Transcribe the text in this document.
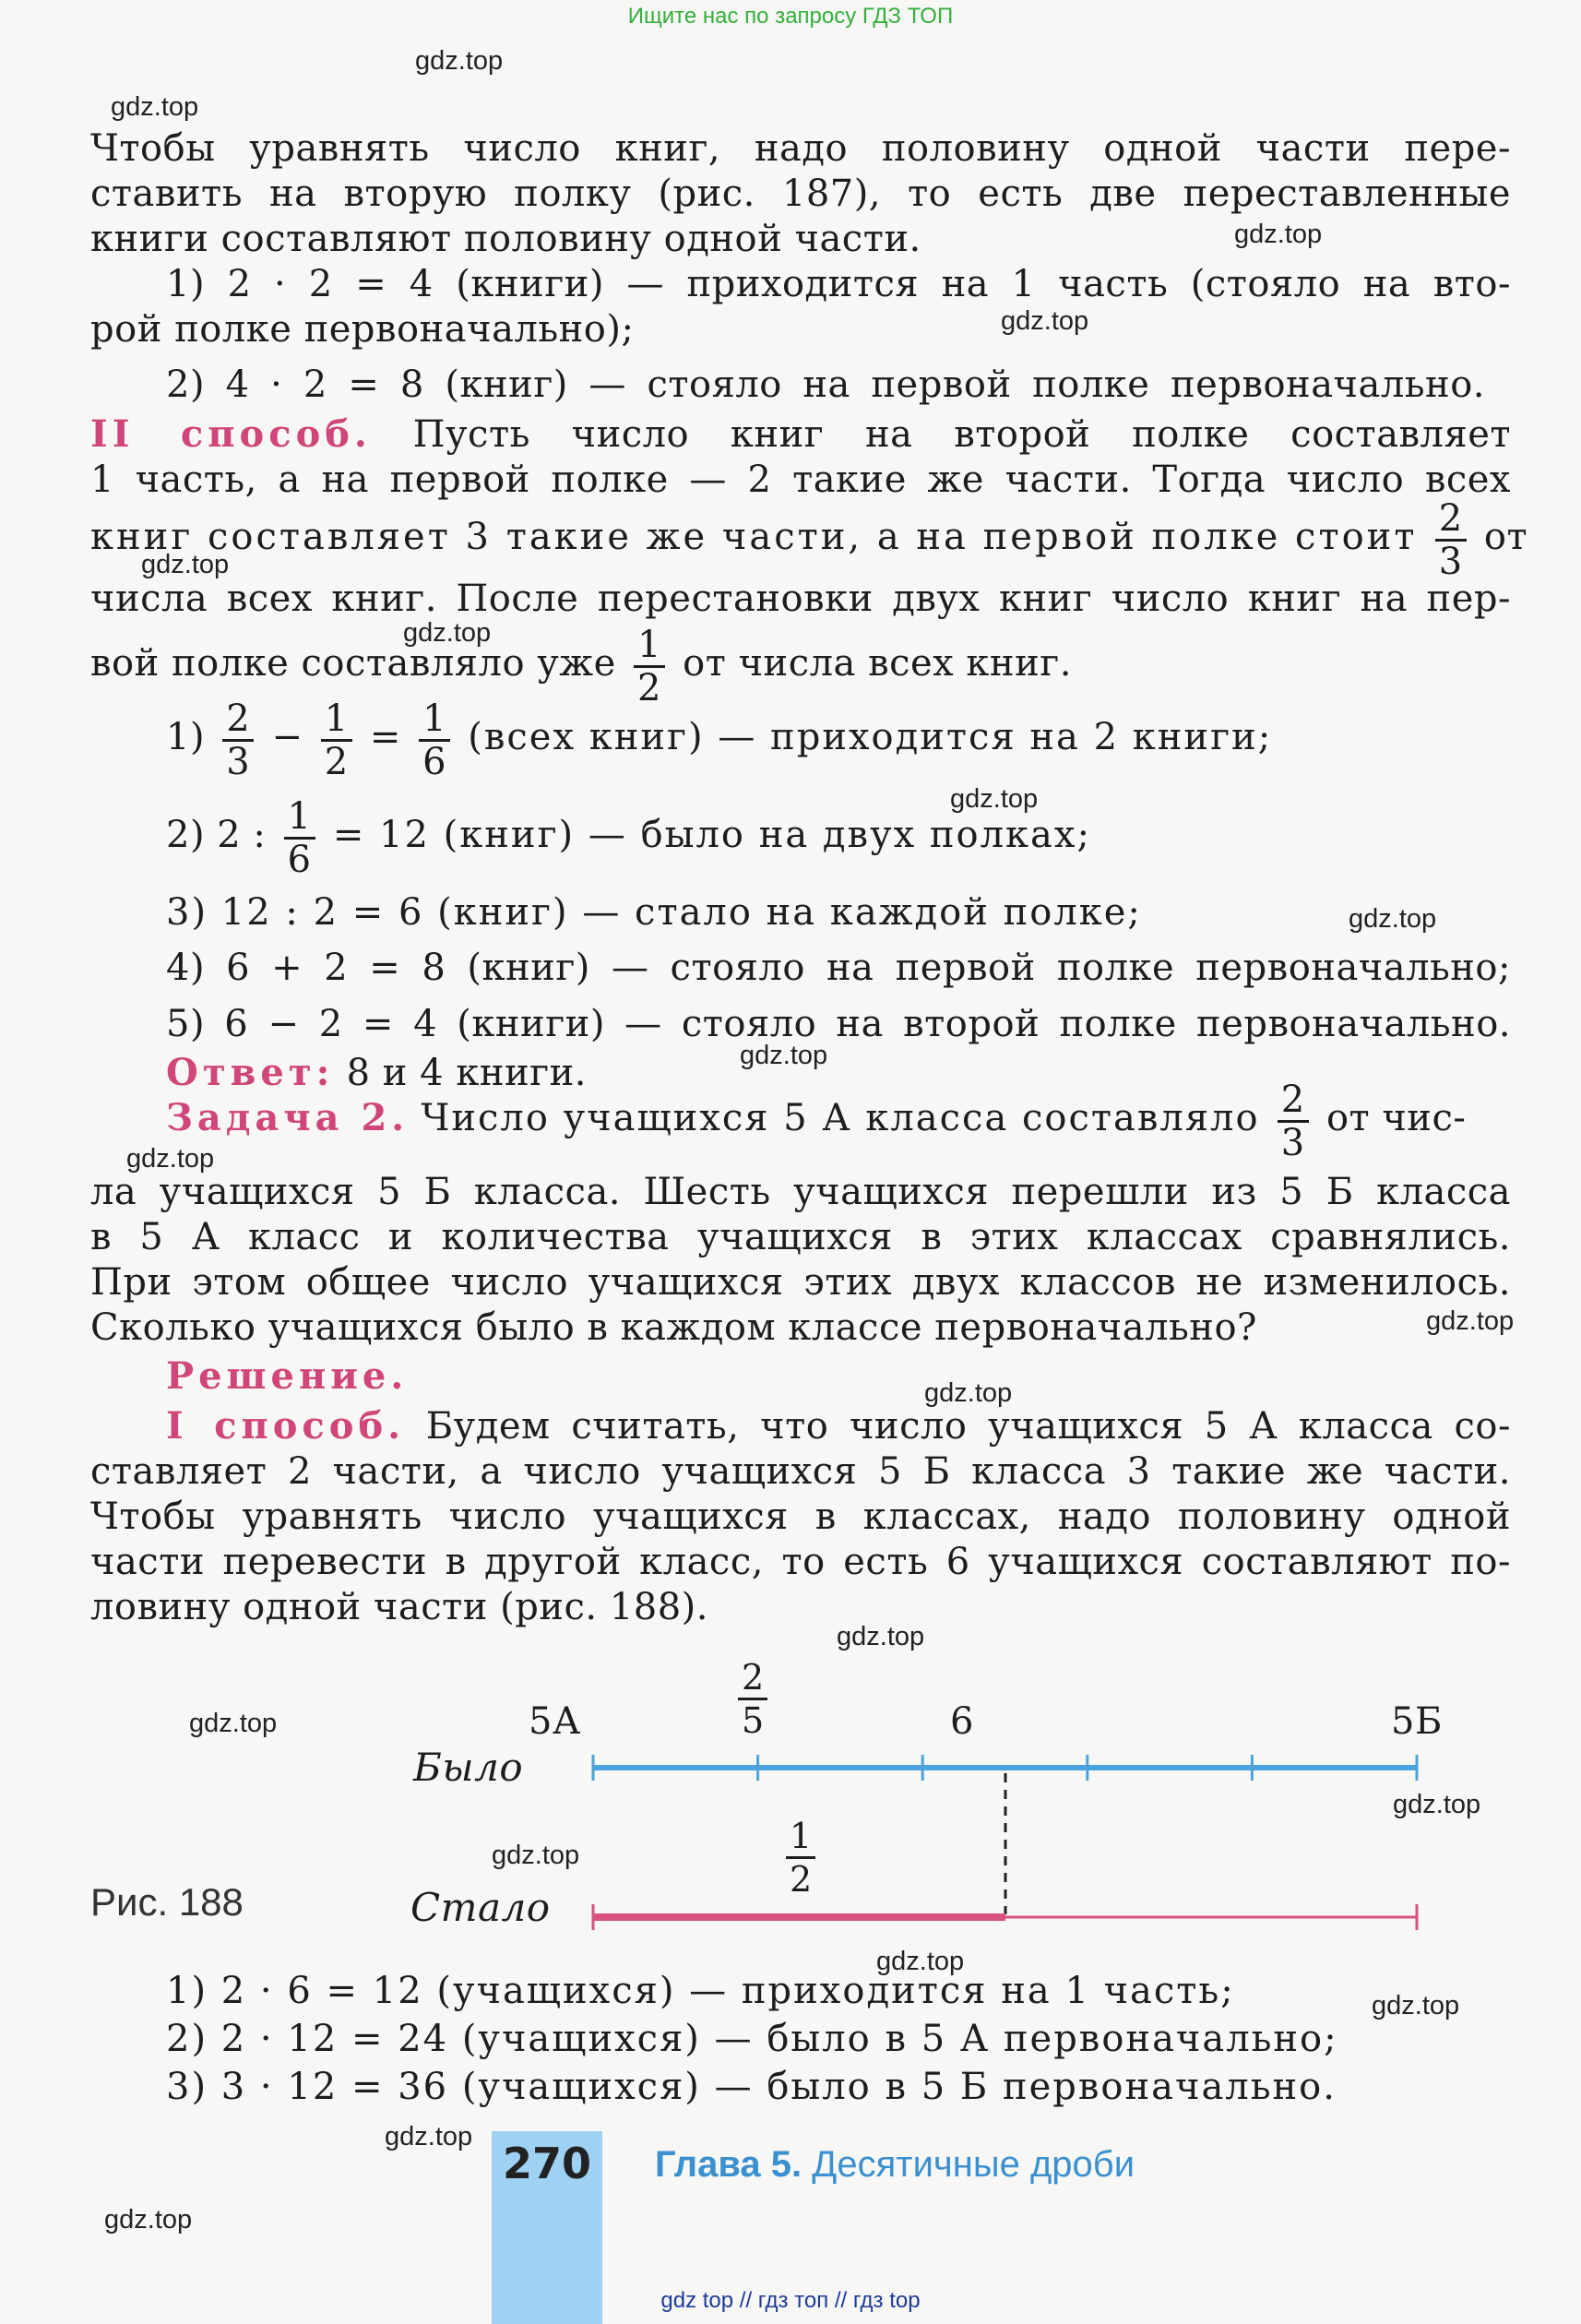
Ищите нас по запросу ГДЗ ТОП
Чтобы уравнять число книг, надо половину одной части пере-
ставить на вторую полку (рис. 187), то есть две переставленные
книги составляют половину одной части.
1) 2 · 2 = 4 (книги) — приходится на 1 часть (стояло на вто-
рой полке первоначально);
2) 4 · 2 = 8 (книг) — стояло на первой полке первоначально.
II способ. Пусть число книг на второй полке составляет
1 часть, а на первой полке — 2 такие же части. Тогда число всех
книг составляет 3 такие же части, а на первой полке стоит $\frac{2}{3}$ от
числа всех книг. После перестановки двух книг число книг на пер-
вой полке составляло уже $\frac{1}{2}$ от числа всех книг.
$1) \frac{2}{3} - \frac{1}{2} = \frac{1}{6}$ (всех книг) — приходится на 2 книги;
2) 2 : $\frac{1}{6} = 12$ (книг) — было на двух полках;
3) 12 : 2 = 6 (книг) — стало на каждой полке;
4) 6 + 2 = 8 (книг) — стояло на первой полке первоначально;
5) 6 − 2 = 4 (книги) — стояло на второй полке первоначально.
Ответ: 8 и 4 книги.
Задача 2. Число учащихся 5 А класса составляло $\frac{2}{3}$ от чис-
ла учащихся 5 Б класса. Шесть учащихся перешли из 5 Б класса
в 5 А класс и количества учащихся в этих классах сравнялись.
При этом общее число учащихся этих двух классов не изменилось.
Сколько учащихся было в каждом классе первоначально?
Решение.
I способ. Будем считать, что число учащихся 5 А класса со-
ставляет 2 части, а число учащихся 5 Б класса 3 такие же части.
Чтобы уравнять число учащихся в классах, надо половину одной
части перевести в другой класс, то есть 6 учащихся составляют по-
ловину одной части (рис. 188).
5А	6	5Б
$\frac{2}{5}$
Было
$\frac{1}{2}$
Стало
Рис. 188
1) 2 · 6 = 12 (учащихся) — приходится на 1 часть;
2) 2 · 12 = 24 (учащихся) — было в 5 А первоначально;
3) 3 · 12 = 36 (учащихся) — было в 5 Б первоначально.
270 Глава 5. Десятичные дроби
gdz top // гдз топ // гдз top
gdz.top
gdz.top
gdz.top
gdz.top
gdz.top
gdz.top
gdz.top
gdz.top
gdz.top
gdz.top
gdz.top
gdz.top
gdz.top
gdz.top
gdz.top
gdz.top
gdz.top
gdz.top
gdz.top
gdz.top
